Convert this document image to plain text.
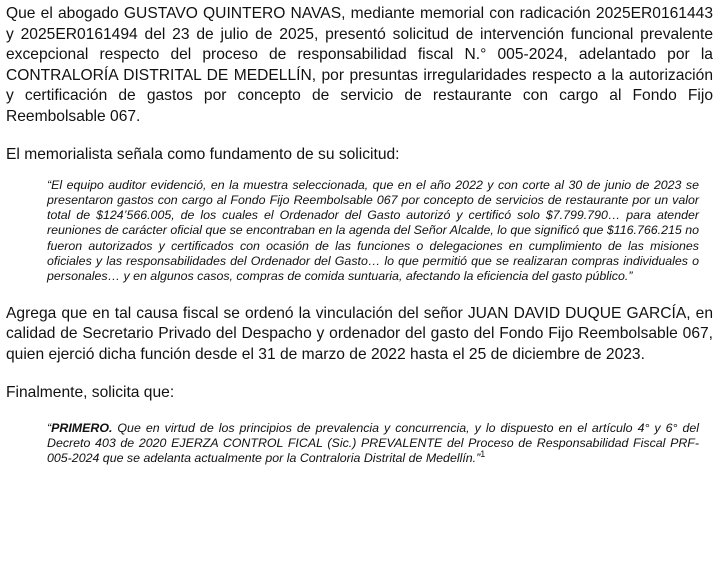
Que el abogado GUSTAVO QUINTERO NAVAS, mediante memorial con radicación 2025ER0161443 y 2025ER0161494 del 23 de julio de 2025, presentó solicitud de intervención funcional prevalente excepcional respecto del proceso de responsabilidad fiscal N.° 005-2024, adelantado por la CONTRALORÍA DISTRITAL DE MEDELLÍN, por presuntas irregularidades respecto a la autorización y certificación de gastos por concepto de servicio de restaurante con cargo al Fondo Fijo Reembolsable 067.

El memorialista señala como fundamento de su solicitud:

“El equipo auditor evidenció, en la muestra seleccionada, que en el año 2022 y con corte al 30 de junio de 2023 se presentaron gastos con cargo al Fondo Fijo Reembolsable 067 por concepto de servicios de restaurante por un valor total de $124’566.005, de los cuales el Ordenador del Gasto autorizó y certificó solo $7.799.790… para atender reuniones de carácter oficial que se encontraban en la agenda del Señor Alcalde, lo que significó que $116.766.215 no fueron autorizados y certificados con ocasión de las funciones o delegaciones en cumplimiento de las misiones oficiales y las responsabilidades del Ordenador del Gasto… lo que permitió que se realizaran compras individuales o personales… y en algunos casos, compras de comida suntuaria, afectando la eficiencia del gasto público.”

Agrega que en tal causa fiscal se ordenó la vinculación del señor JUAN DAVID DUQUE GARCÍA, en calidad de Secretario Privado del Despacho y ordenador del gasto del Fondo Fijo Reembolsable 067, quien ejerció dicha función desde el 31 de marzo de 2022 hasta el 25 de diciembre de 2023.

Finalmente, solicita que:

“PRIMERO. Que en virtud de los principios de prevalencia y concurrencia, y lo dispuesto en el artículo 4° y 6° del Decreto 403 de 2020 EJERZA CONTROL FICAL (Sic.) PREVALENTE del Proceso de Responsabilidad Fiscal PRF-005-2024 que se adelanta actualmente por la Contraloria Distrital de Medellín.”$^1$
